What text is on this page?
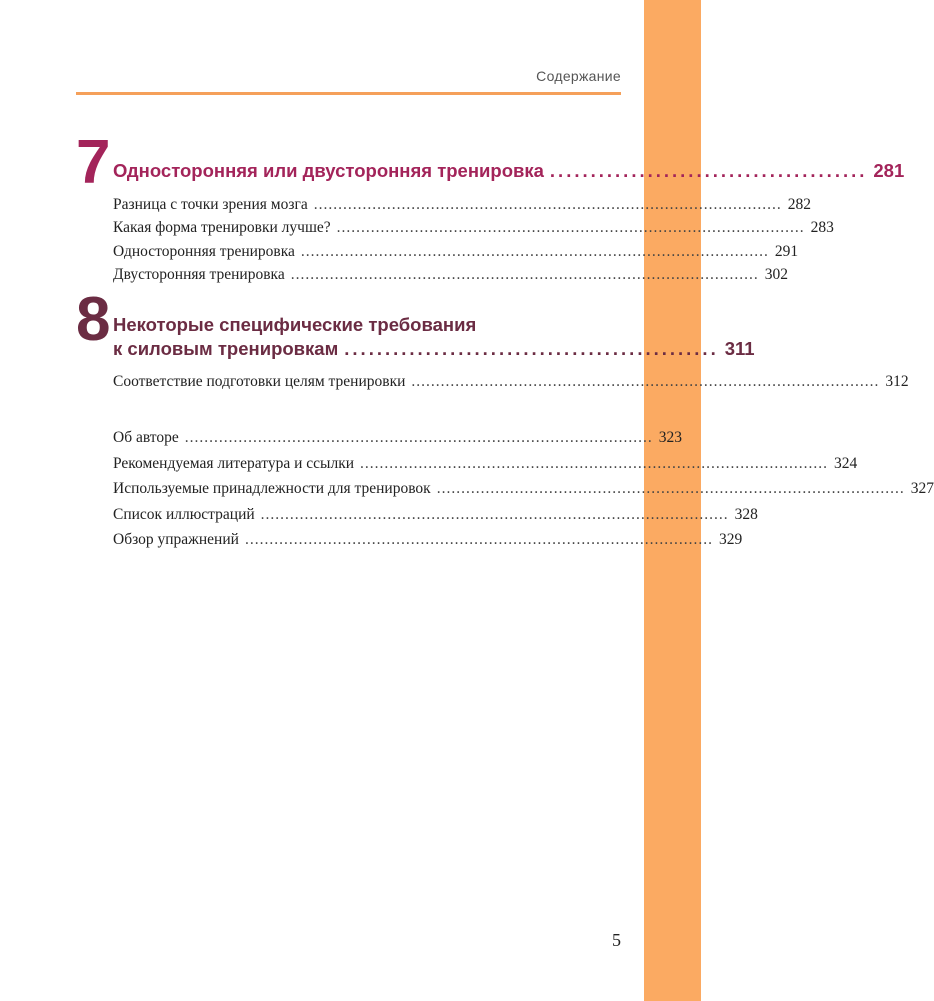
Содержание
7 Односторонняя или двусторонняя тренировка ....................................... 281
Разница с точки зрения мозга ................................................................................................ 282
Какая форма тренировки лучше? ................................................................................................ 283
Односторонняя тренировка ................................................................................................ 291
Двусторонняя тренировка ................................................................................................ 302
8 Некоторые специфические требования
к силовым тренировкам .............................................. 311
Соответствие подготовки целям тренировки ................................................................................................ 312
Об авторе ................................................................................................ 323
Рекомендуемая литература и ссылки ................................................................................................ 324
Используемые принадлежности для тренировок ................................................................................................ 327
Список иллюстраций ................................................................................................ 328
Обзор упражнений ................................................................................................ 329
5
